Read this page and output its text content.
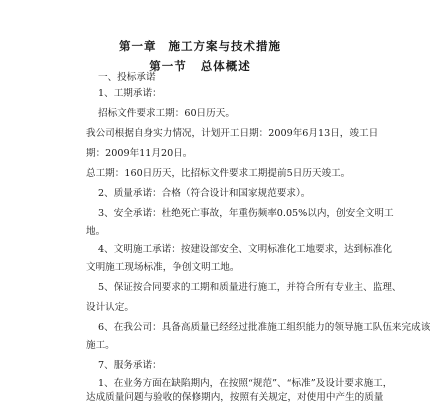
第一章 施工方案与技术措施
第一节 总体概述
一、投标承诺
1、工期承诺：
招标文件要求工期：60日历天。
我公司根据自身实力情况，计划开工日期：2009年6月13日，竣工日
期：2009年11月20日。
总工期：160日历天，比招标文件要求工期提前5日历天竣工。
2、质量承诺：合格（符合设计和国家规范要求）。
3、安全承诺：杜绝死亡事故，年重伤频率0.05%以内，创安全文明工
地。
4、文明施工承诺：按建设部安全、文明标准化工地要求，达到标准化
文明施工现场标准，争创文明工地。
5、保证按合同要求的工期和质量进行施工，并符合所有专业主、监理、
设计认定。
6、在我公司：具备高质量已经经过批准施工组织能力的领导施工队伍来完成该
施工。
7、服务承诺：
1、在业务方面在缺陷期内，在按照“规范”、“标准”及设计要求施工，
达成质量问题与验收的保修期内，按照有关规定，对使用中产生的质量
